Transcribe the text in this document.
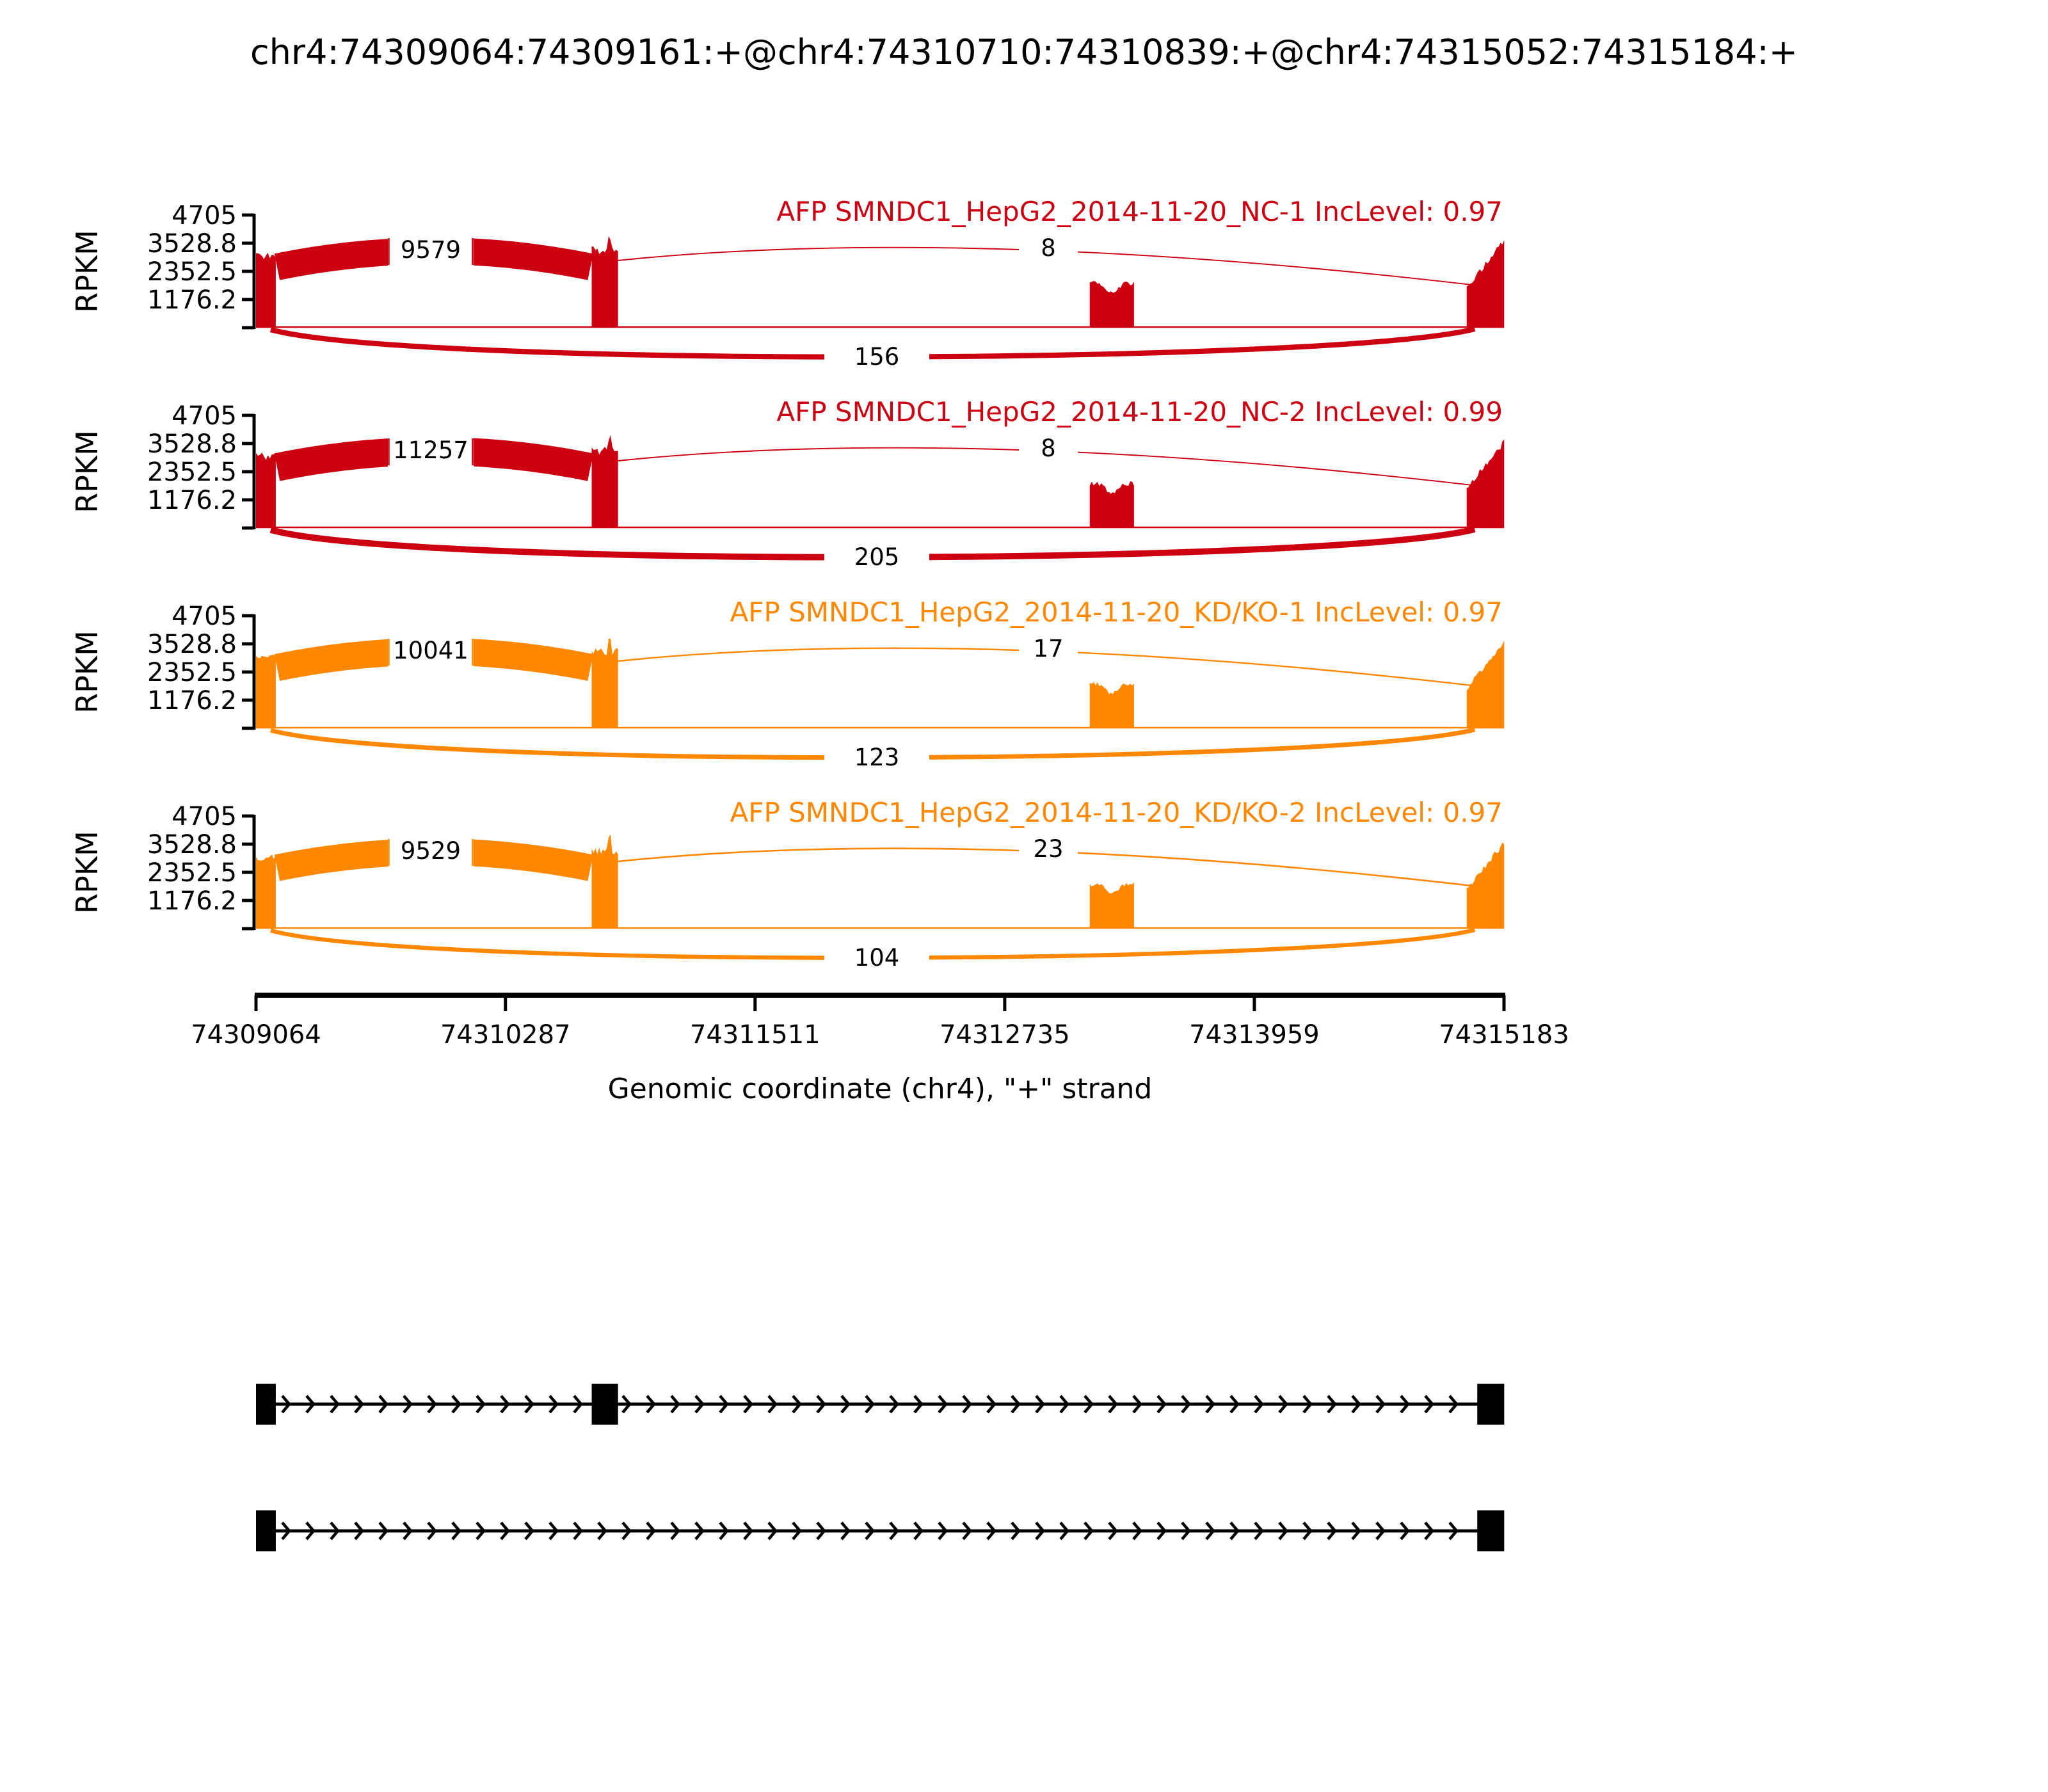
chr4:74309064:74309161:+@chr4:74310710:74310839:+@chr4:74315052:74315184:+
4705
3528.8
2352.5
1176.2
RPKM	9579	8
156
AFP SMNDC1_HepG2_2014-11-20_NC-1 IncLevel: 0.97
4705
3528.8
2352.5
1176.2
RPKM	11257	8
205
AFP SMNDC1_HepG2_2014-11-20_NC-2 IncLevel: 0.99
4705
3528.8
2352.5
1176.2
RPKM	10041	17
123
AFP SMNDC1_HepG2_2014-11-20_KD/KO-1 IncLevel: 0.97
4705
3528.8
2352.5
1176.2
RPKM	9529	23
104
AFP SMNDC1_HepG2_2014-11-20_KD/KO-2 IncLevel: 0.97
74309064	74310287	74311511	74312735	74313959	74315183
Genomic coordinate (chr4), "+" strand
